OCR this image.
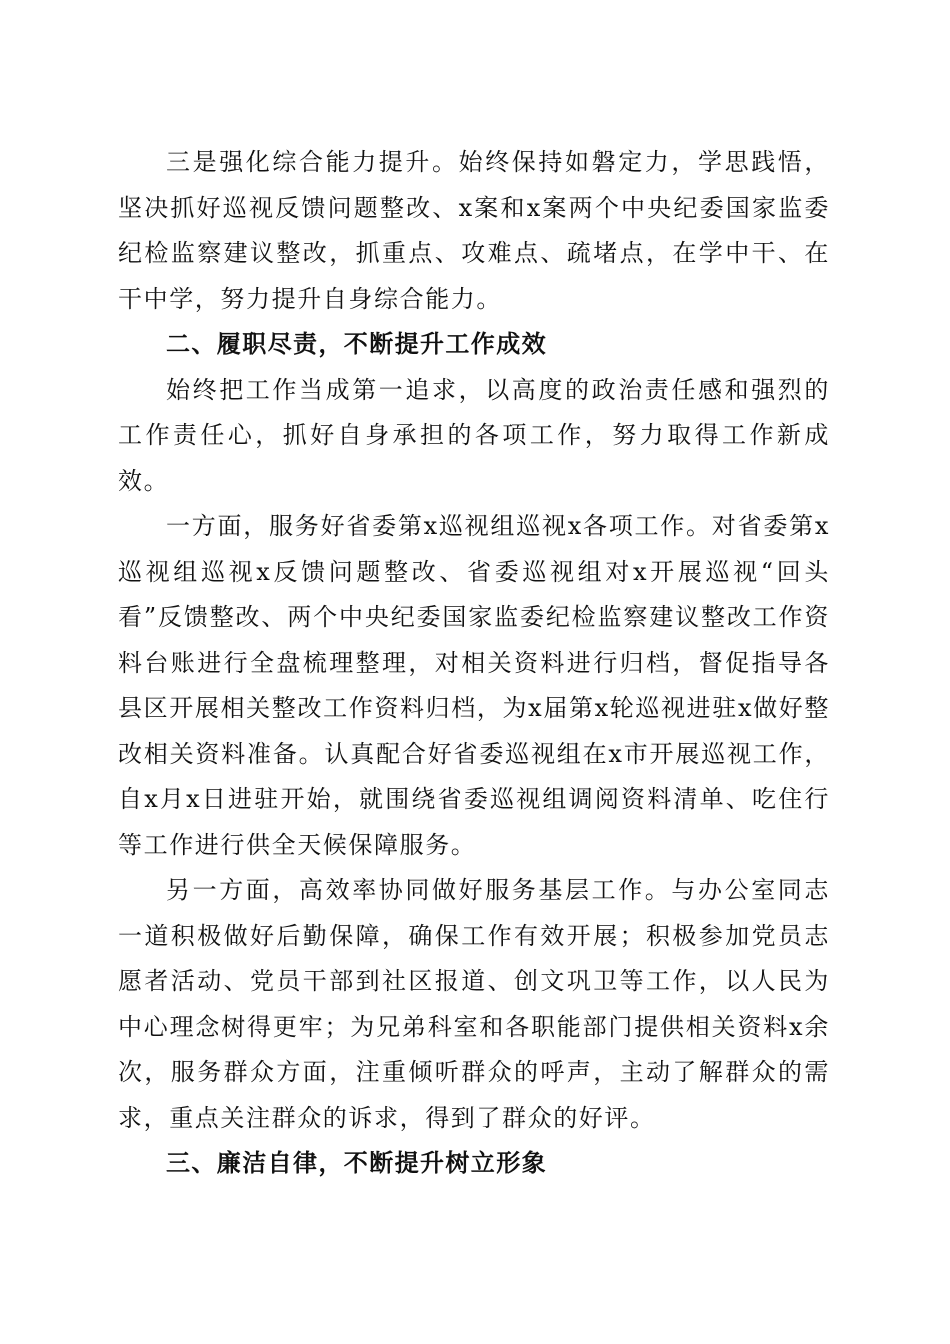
三是强化综合能力提升。始终保持如磐定力，学思践悟，坚决抓好巡视反馈问题整改、x案和x案两个中央纪委国家监委纪检监察建议整改，抓重点、攻难点、疏堵点，在学中干、在干中学，努力提升自身综合能力。

二、履职尽责，不断提升工作成效

始终把工作当成第一追求，以高度的政治责任感和强烈的工作责任心，抓好自身承担的各项工作，努力取得工作新成效。

一方面，服务好省委第x巡视组巡视x各项工作。对省委第x巡视组巡视x反馈问题整改、省委巡视组对x开展巡视“回头看”反馈整改、两个中央纪委国家监委纪检监察建议整改工作资料台账进行全盘梳理整理，对相关资料进行归档，督促指导各县区开展相关整改工作资料归档，为x届第x轮巡视进驻x做好整改相关资料准备。认真配合好省委巡视组在x市开展巡视工作，自x月x日进驻开始，就围绕省委巡视组调阅资料清单、吃住行等工作进行供全天候保障服务。

另一方面，高效率协同做好服务基层工作。与办公室同志一道积极做好后勤保障，确保工作有效开展；积极参加党员志愿者活动、党员干部到社区报道、创文巩卫等工作，以人民为中心理念树得更牢；为兄弟科室和各职能部门提供相关资料x余次，服务群众方面，注重倾听群众的呼声，主动了解群众的需求，重点关注群众的诉求，得到了群众的好评。

三、廉洁自律，不断提升树立形象
